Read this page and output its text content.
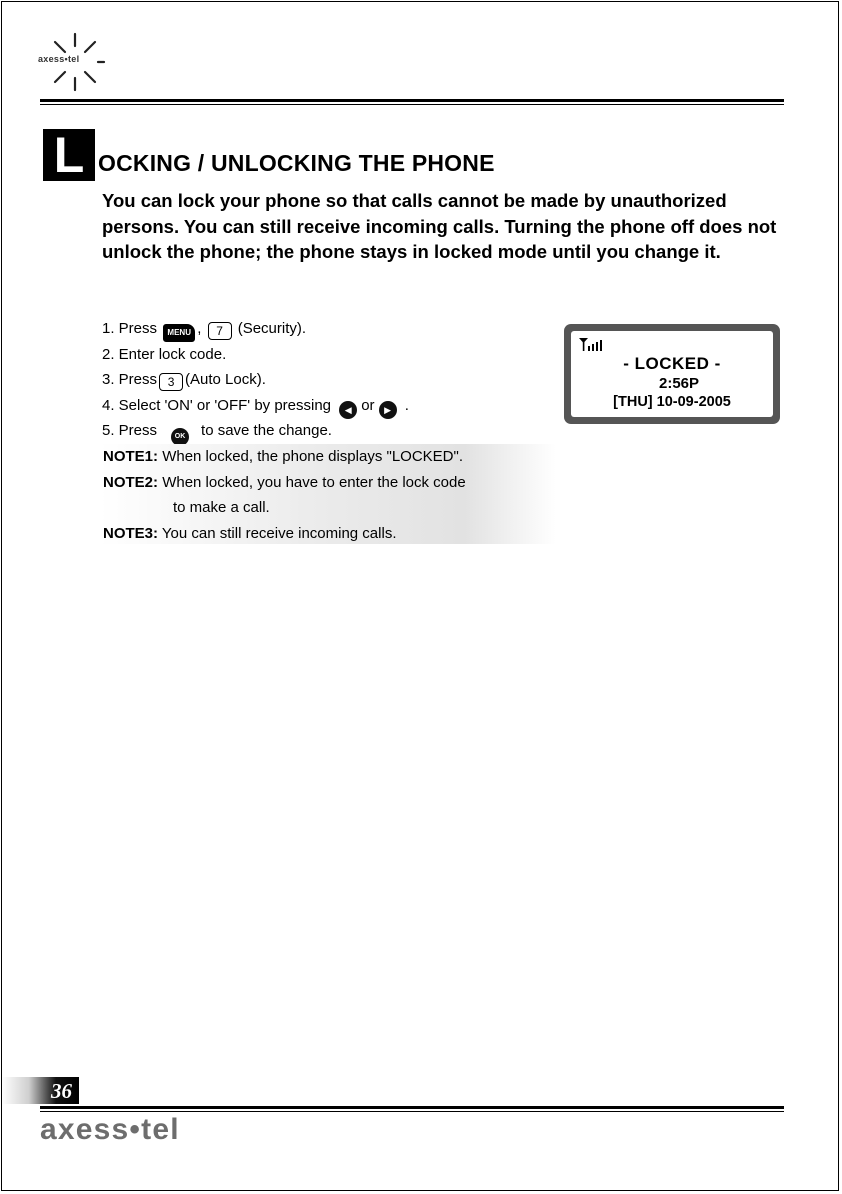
axess•tel
L OCKING / UNLOCKING THE PHONE

You can lock your phone so that calls cannot be made by unauthorized persons. You can still receive incoming calls. Turning the phone off does not unlock the phone; the phone stays in locked mode until you change it.

1. Press MENU , 7 (Security).
2. Enter lock code.
3. Press 3 (Auto Lock).
4. Select 'ON' or 'OFF' by pressing ◀ or ▶ .
5. Press	OK to save the change.
NOTE1: When locked, the phone displays "LOCKED".
NOTE2: When locked, you have to enter the lock code
to make a call.
NOTE3: You can still receive incoming calls.
- LOCKED -
2:56P
[THU] 10-09-2005
36
axess•tel
